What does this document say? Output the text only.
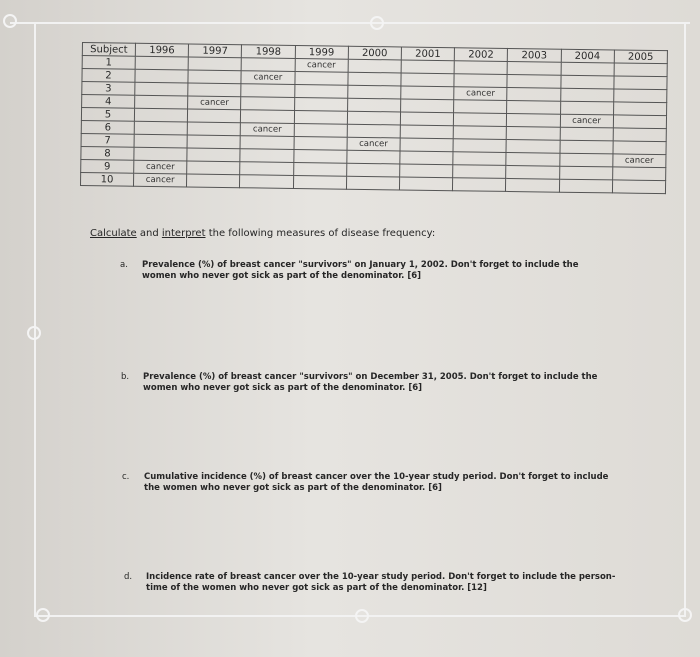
Subject	1996	1997	1998	1999	2000	2001	2002	2003	2004	2005
1				cancer						
2			cancer							
3							cancer			
4		cancer								
5									cancer	
6			cancer							
7					cancer					
8										cancer
9	cancer									
10	cancer									
Calculate and interpret the following measures of disease frequency:
a. Prevalence (%) of breast cancer "survivors" on January 1, 2002. Don't forget to include the women who never got sick as part of the denominator. [6]
b. Prevalence (%) of breast cancer "survivors" on December 31, 2005. Don't forget to include the women who never got sick as part of the denominator. [6]
c. Cumulative incidence (%) of breast cancer over the 10-year study period. Don't forget to include the women who never got sick as part of the denominator. [6]
d. Incidence rate of breast cancer over the 10-year study period. Don't forget to include the person-time of the women who never got sick as part of the denominator. [12]
